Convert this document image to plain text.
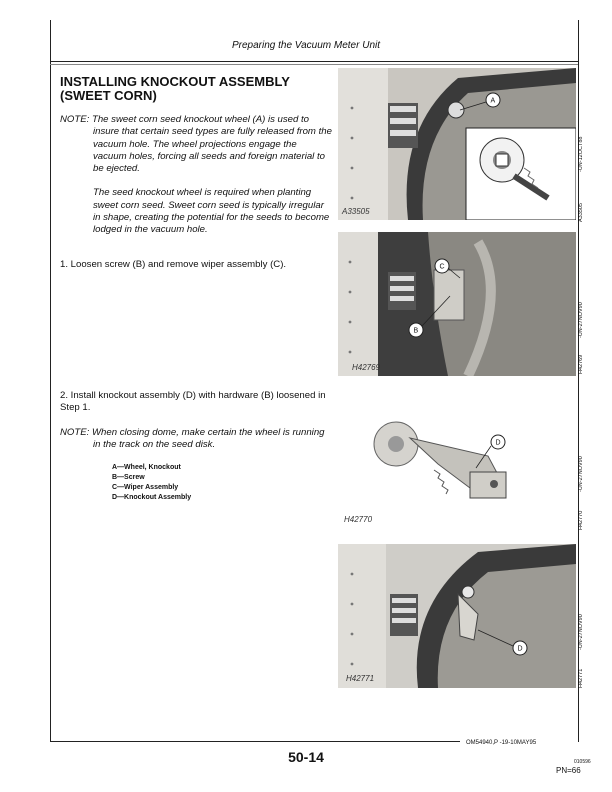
Preparing the Vacuum Meter Unit
INSTALLING KNOCKOUT ASSEMBLY (SWEET CORN)

NOTE: The sweet corn seed knockout wheel (A) is used to insure that certain seed types are fully released from the vacuum hole. The wheel projections engage the vacuum holes, forcing all seeds and foreign material to be ejected.

The seed knockout wheel is required when planting sweet corn seed. Sweet corn seed is typically irregular in shape, creating the potential for the seeds to become lodged in the vacuum hole.

1. Loosen screw (B) and remove wiper assembly (C).
2. Install knockout assembly (D) with hardware (B) loosened in Step 1.

NOTE: When closing dome, make certain the wheel is running in the track on the seed disk.

A—Wheel, Knockout
B—Screw
C—Wiper Assembly
D—Knockout Assembly
A
A33505
C
B
H42769
D
H42770
D
H42771
-UN-12OCT88
A33505
-UN-27NOV90
H42769
-UN-27NOV90
H42770
-UN-27NOV90
H42771
OM54940,P -19-10MAY95
50-14	010596
PN=66
